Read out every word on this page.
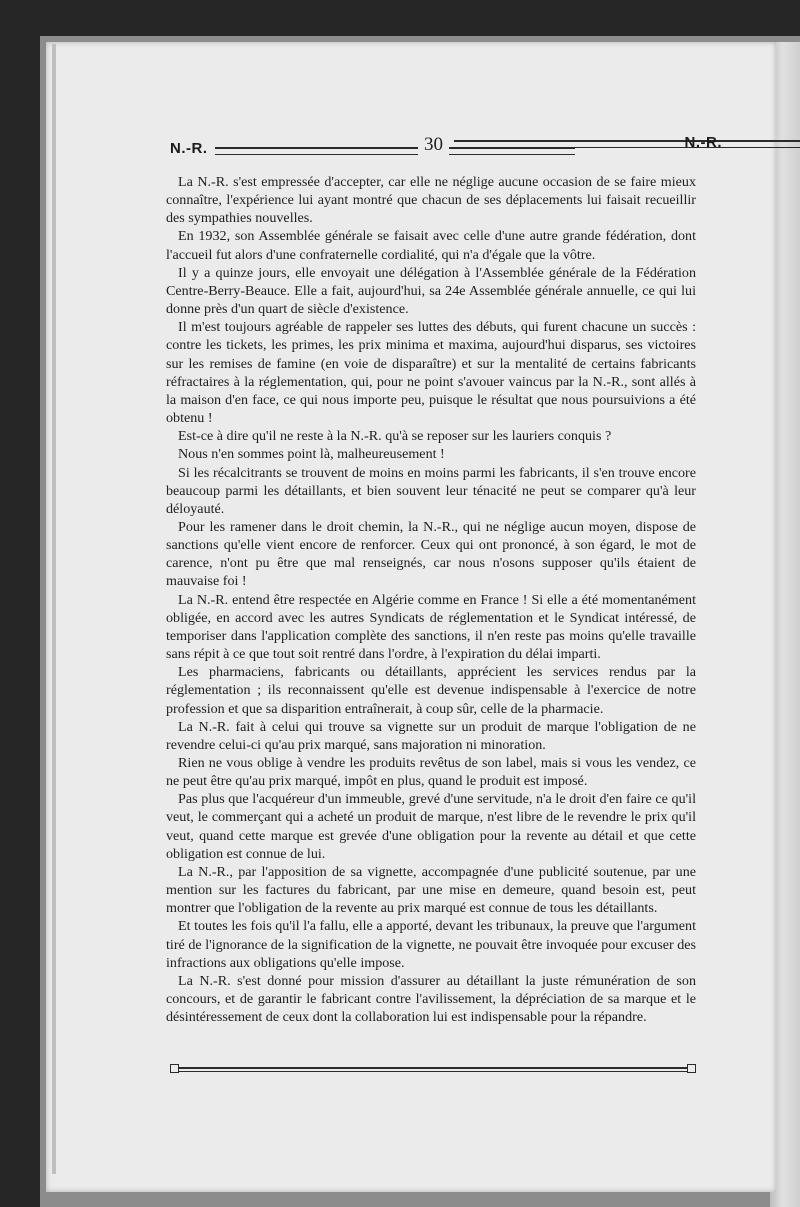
N.-R.	30	N.-R.

La N.-R. s'est empressée d'accepter, car elle ne néglige aucune occasion de se faire mieux connaître, l'expérience lui ayant montré que chacun de ses déplacements lui faisait recueillir des sympathies nouvelles.

En 1932, son Assemblée générale se faisait avec celle d'une autre grande fédération, dont l'accueil fut alors d'une confraternelle cordialité, qui n'a d'égale que la vôtre.

Il y a quinze jours, elle envoyait une délégation à l'Assemblée générale de la Fédération Centre-Berry-Beauce. Elle a fait, aujourd'hui, sa 24e Assemblée générale annuelle, ce qui lui donne près d'un quart de siècle d'existence.

Il m'est toujours agréable de rappeler ses luttes des débuts, qui furent chacune un succès : contre les tickets, les primes, les prix minima et maxima, aujourd'hui disparus, ses victoires sur les remises de famine (en voie de disparaître) et sur la mentalité de certains fabricants réfractaires à la réglementation, qui, pour ne point s'avouer vaincus par la N.-R., sont allés à la maison d'en face, ce qui nous importe peu, puisque le résultat que nous poursuivions a été obtenu !

Est-ce à dire qu'il ne reste à la N.-R. qu'à se reposer sur les lauriers conquis ?

Nous n'en sommes point là, malheureusement !

Si les récalcitrants se trouvent de moins en moins parmi les fabricants, il s'en trouve encore beaucoup parmi les détaillants, et bien souvent leur ténacité ne peut se comparer qu'à leur déloyauté.

Pour les ramener dans le droit chemin, la N.-R., qui ne néglige aucun moyen, dispose de sanctions qu'elle vient encore de renforcer. Ceux qui ont prononcé, à son égard, le mot de carence, n'ont pu être que mal renseignés, car nous n'osons supposer qu'ils étaient de mauvaise foi !

La N.-R. entend être respectée en Algérie comme en France ! Si elle a été momentanément obligée, en accord avec les autres Syndicats de réglementation et le Syndicat intéressé, de temporiser dans l'application complète des sanctions, il n'en reste pas moins qu'elle travaille sans répit à ce que tout soit rentré dans l'ordre, à l'expiration du délai imparti.

Les pharmaciens, fabricants ou détaillants, apprécient les services rendus par la réglementation ; ils reconnaissent qu'elle est devenue indispensable à l'exercice de notre profession et que sa disparition entraînerait, à coup sûr, celle de la pharmacie.

La N.-R. fait à celui qui trouve sa vignette sur un produit de marque l'obligation de ne revendre celui-ci qu'au prix marqué, sans majoration ni minoration.

Rien ne vous oblige à vendre les produits revêtus de son label, mais si vous les vendez, ce ne peut être qu'au prix marqué, impôt en plus, quand le produit est imposé.

Pas plus que l'acquéreur d'un immeuble, grevé d'une servitude, n'a le droit d'en faire ce qu'il veut, le commerçant qui a acheté un produit de marque, n'est libre de le revendre le prix qu'il veut, quand cette marque est grevée d'une obligation pour la revente au détail et que cette obligation est connue de lui.

La N.-R., par l'apposition de sa vignette, accompagnée d'une publicité soutenue, par une mention sur les factures du fabricant, par une mise en demeure, quand besoin est, peut montrer que l'obligation de la revente au prix marqué est connue de tous les détaillants.

Et toutes les fois qu'il l'a fallu, elle a apporté, devant les tribunaux, la preuve que l'argument tiré de l'ignorance de la signification de la vignette, ne pouvait être invoquée pour excuser des infractions aux obligations qu'elle impose.

La N.-R. s'est donné pour mission d'assurer au détaillant la juste rémunération de son concours, et de garantir le fabricant contre l'avilissement, la dépréciation de sa marque et le désintéressement de ceux dont la collaboration lui est indispensable pour la répandre.
